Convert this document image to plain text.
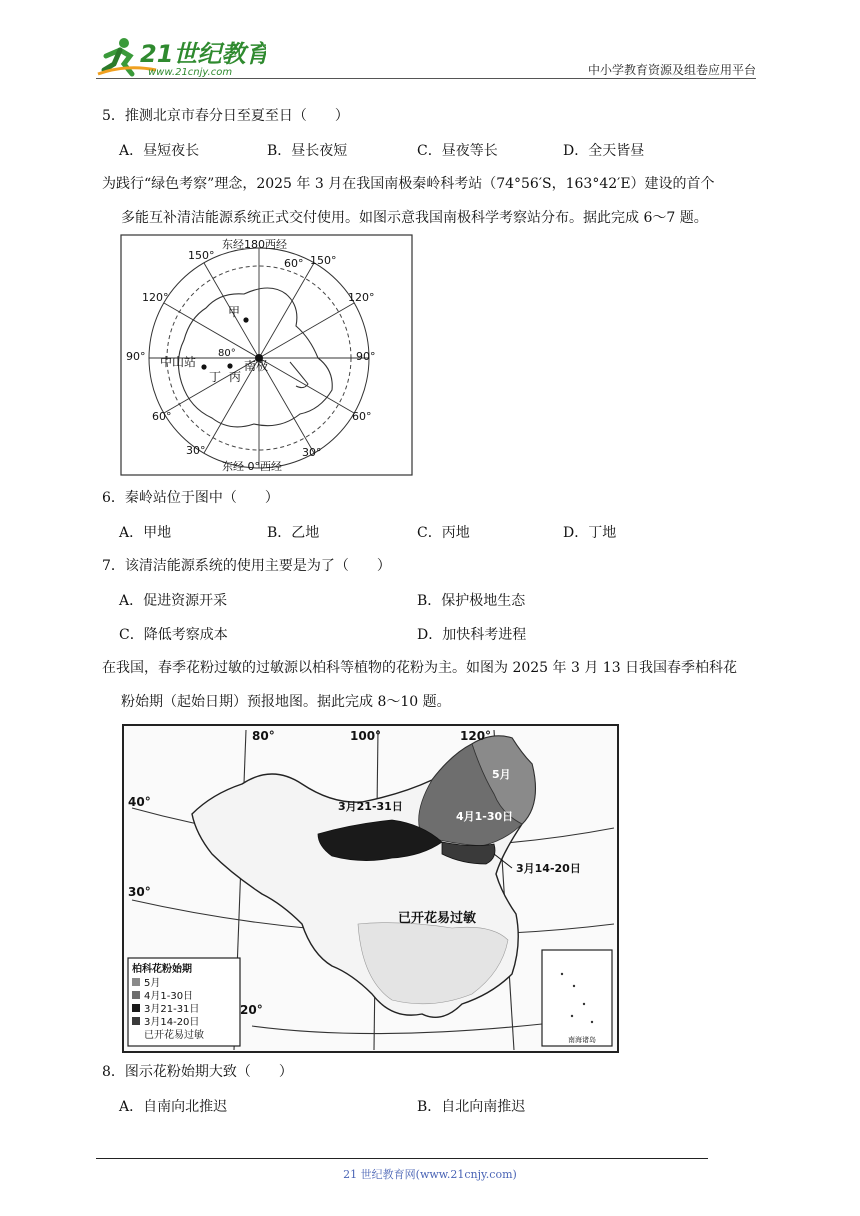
21世纪教育
www.21cnjy.com	中小学教育资源及组卷应用平台
5．推测北京市春分日至夏至日（　　）
A．昼短夜长	B．昼长夜短	C．昼夜等长	D．全天皆昼
为践行“绿色考察”理念，2025 年 3 月在我国南极秦岭科考站（74°56′S，163°42′E）建设的首个
多能互补清洁能源系统正式交付使用。如图示意我国南极科学考察站分布。据此完成 6～7 题。
东经180西经
东经 0°西经
150°	150°
60°
120°	120°
90°	90°
60°	60°
30°	30°
80°
甲
中山站
丁 丙
南极
6．秦岭站位于图中（　　）
A．甲地	B．乙地	C．丙地	D．丁地
7．该清洁能源系统的使用主要是为了（　　）
A．促进资源开采	B．保护极地生态
C．降低考察成本	D．加快科考进程
在我国，春季花粉过敏的过敏源以柏科等植物的花粉为主。如图为 2025 年 3 月 13 日我国春季柏科花
粉始期（起始日期）预报地图。据此完成 8～10 题。
南海诸岛
80°	100°	120°
40°
30°
20°
5月
4月1-30日
3月21-31日
3月14-20日
已开花易过敏
柏科花粉始期
5月
4月1-30日
3月21-31日
3月14-20日
已开花易过敏
8．图示花粉始期大致（　　）
A．自南向北推迟	B．自北向南推迟
21 世纪教育网(www.21cnjy.com)
